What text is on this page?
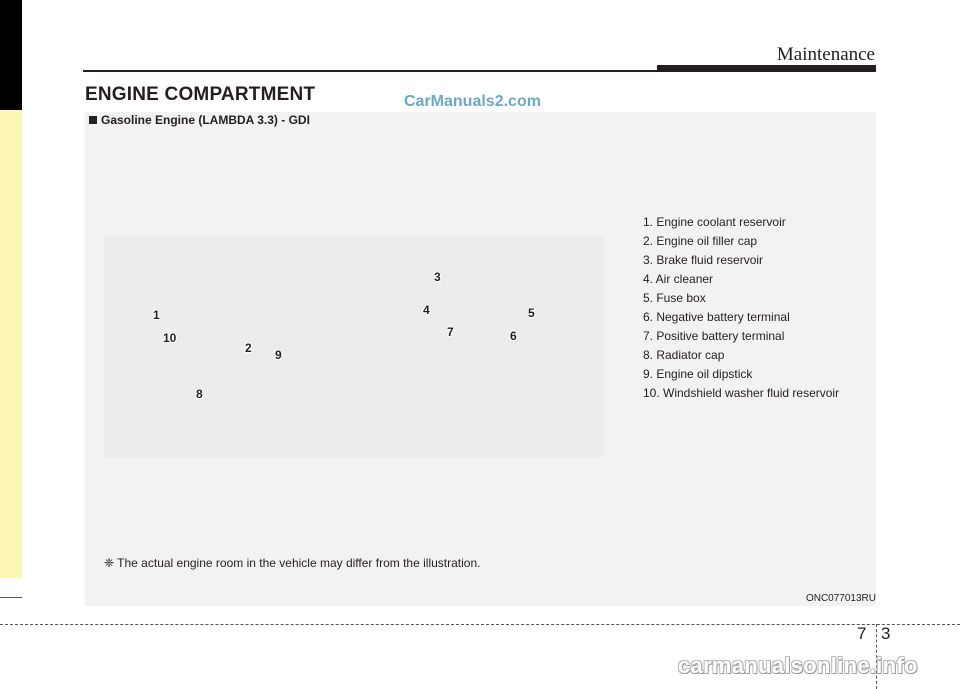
Maintenance
ENGINE COMPARTMENT	CarManuals2.com
Gasoline Engine (LAMBDA 3.3) - GDI
1
2
3
4	5
6
7
8
9
10
1. Engine coolant reservoir
2. Engine oil filler cap
3. Brake fluid reservoir
4. Air cleaner
5. Fuse box
6. Negative battery terminal
7. Positive battery terminal
8. Radiator cap
9. Engine oil dipstick
10. Windshield washer fluid reservoir
❈ The actual engine room in the vehicle may differ from the illustration.
ONC077013RU
7 3
carmanualsonline.info
